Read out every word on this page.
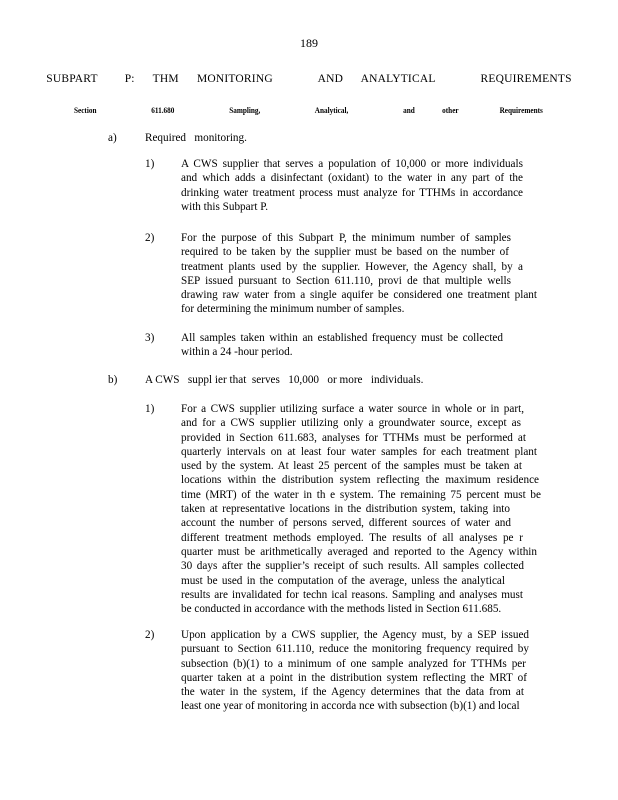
189
SUBPART   P:  THM  MONITORING     AND  ANALYTICAL     REQUIREMENTS
Section    611.680    Sampling,    Analytical,    and  other   Requirements
a)	Required   monitoring.
1) A CWS supplier that serves a population of 10,000 or more individuals
and which adds a disinfectant (oxidant) to the water in any part of the
drinking water treatment process must analyze for TTHMs in accordance
with this Subpart P.
2) For the purpose of this Subpart P, the minimum number of samples
required to be taken by the supplier must be based on the number of
treatment plants used by the supplier. However, the Agency shall, by a
SEP issued pursuant to Section 611.110, provi de that multiple wells
drawing raw water from a single aquifer be considered one treatment plant
for determining the minimum number of samples.
3) All samples taken within an established frequency must be collected
within a 24 -hour period.
b) A CWS   suppl ier that  serves   10,000   or more   individuals.
1) For a CWS supplier utilizing surface a water source in whole or in part,
and for a CWS supplier utilizing only a groundwater source, except as
provided in Section 611.683, analyses for TTHMs must be performed at
quarterly intervals on at least four water samples for each treatment plant
used by the system. At least 25 percent of the samples must be taken at
locations within the distribution system reflecting the maximum residence
time (MRT) of the water in th e system. The remaining 75 percent must be
taken at representative locations in the distribution system, taking into
account the number of persons served, different sources of water and
different treatment methods employed. The results of all analyses pe r
quarter must be arithmetically averaged and reported to the Agency within
30 days after the supplier’s receipt of such results. All samples collected
must be used in the computation of the average, unless the analytical
results are invalidated for techn ical reasons. Sampling and analyses must
be conducted in accordance with the methods listed in Section 611.685.
2) Upon application by a CWS supplier, the Agency must, by a SEP issued
pursuant to Section 611.110, reduce the monitoring frequency required by
subsection (b)(1) to a minimum of one sample analyzed for TTHMs per
quarter taken at a point in the distribution system reflecting the MRT of
the water in the system, if the Agency determines that the data from at
least one year of monitoring in accorda nce with subsection (b)(1) and local
